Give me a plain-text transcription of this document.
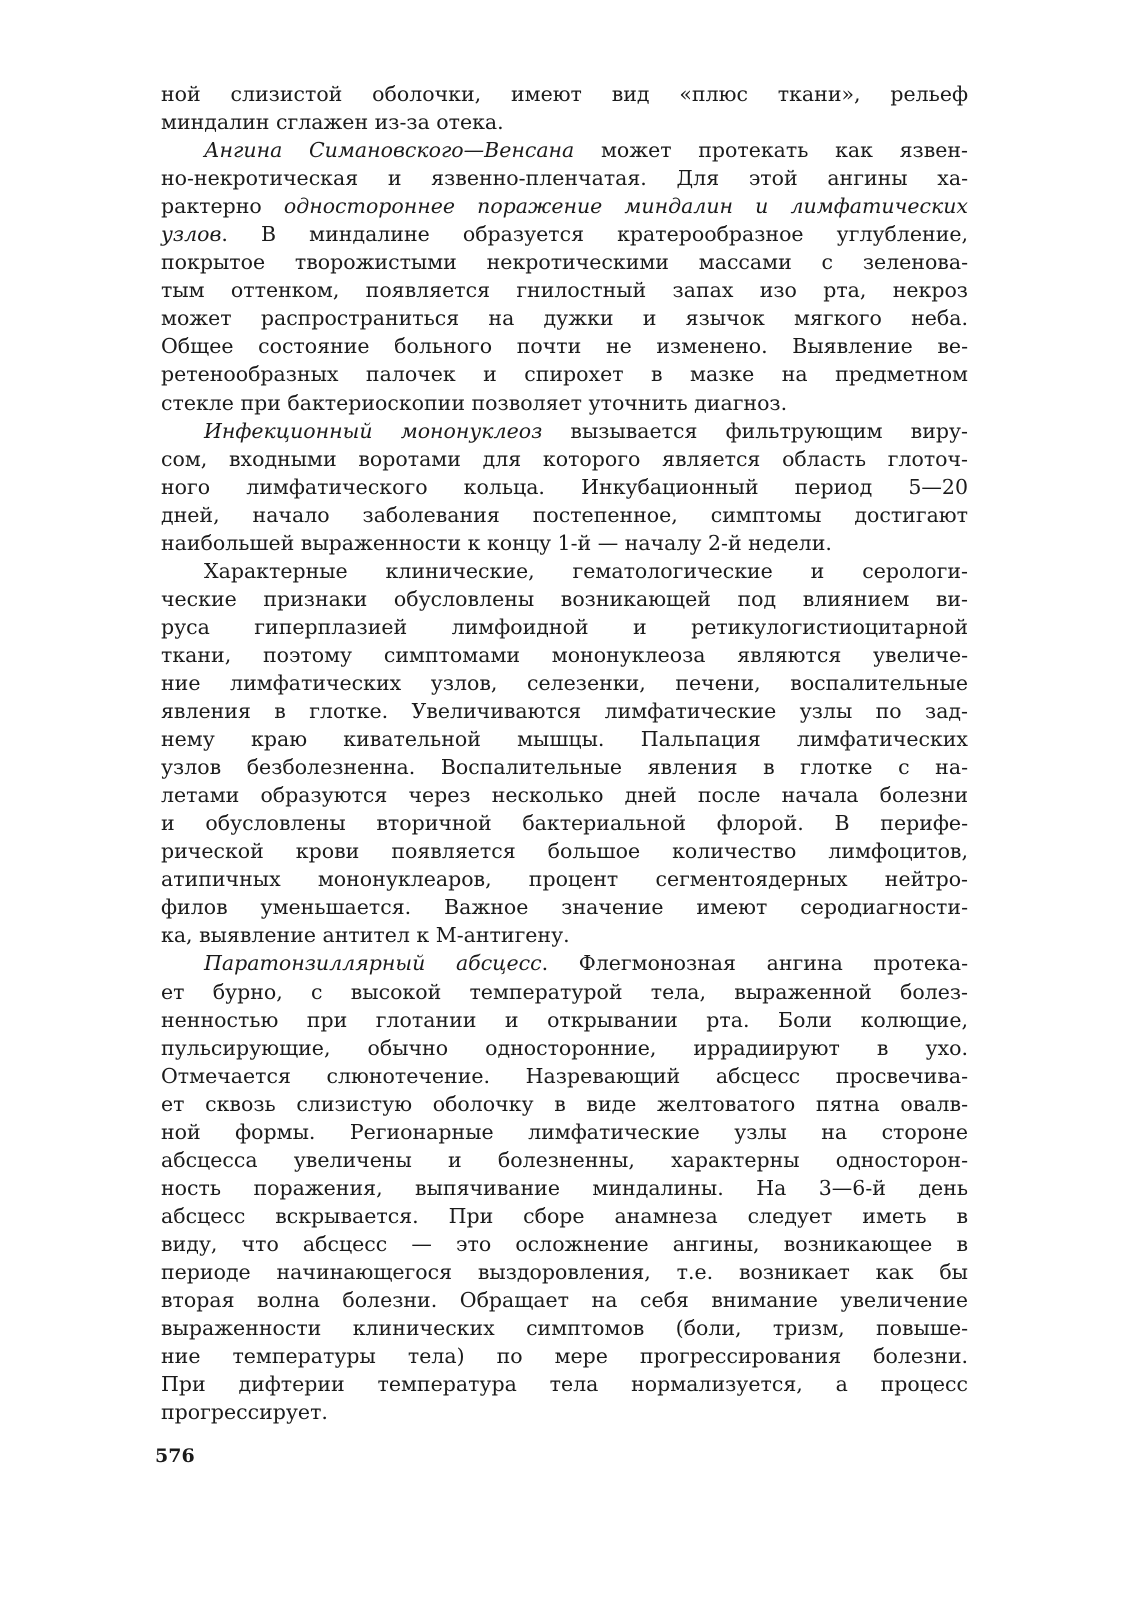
ной слизистой оболочки, имеют вид «плюс ткани», рельеф
миндалин сглажен из-за отека.
Ангина Симановского—Венсана может протекать как язвен-
но-некротическая и язвенно-пленчатая. Для этой ангины ха-
рактерно одностороннее поражение миндалин и лимфатических
узлов. В миндалине образуется кратерообразное углубление,
покрытое творожистыми некротическими массами с зеленова-
тым оттенком, появляется гнилостный запах изо рта, некроз
может распространиться на дужки и язычок мягкого неба.
Общее состояние больного почти не изменено. Выявление ве-
ретенообразных палочек и спирохет в мазке на предметном
стекле при бактериоскопии позволяет уточнить диагноз.
Инфекционный мононуклеоз вызывается фильтрующим виру-
сом, входными воротами для которого является область глоточ-
ного лимфатического кольца. Инкубационный период 5—20
дней, начало заболевания постепенное, симптомы достигают
наибольшей выраженности к концу 1-й — началу 2-й недели.
Характерные клинические, гематологические и серологи-
ческие признаки обусловлены возникающей под влиянием ви-
руса гиперплазией лимфоидной и ретикулогистиоцитарной
ткани, поэтому симптомами мононуклеоза являются увеличе-
ние лимфатических узлов, селезенки, печени, воспалительные
явления в глотке. Увеличиваются лимфатические узлы по зад-
нему краю кивательной мышцы. Пальпация лимфатических
узлов безболезненна. Воспалительные явления в глотке с на-
летами образуются через несколько дней после начала болезни
и обусловлены вторичной бактериальной флорой. В перифе-
рической крови появляется большое количество лимфоцитов,
атипичных мононуклеаров, процент сегментоядерных нейтро-
филов уменьшается. Важное значение имеют серодиагности-
ка, выявление антител к М-антигену.
Паратонзиллярный абсцесс. Флегмонозная ангина протека-
ет бурно, с высокой температурой тела, выраженной болез-
ненностью при глотании и открывании рта. Боли колющие,
пульсирующие, обычно односторонние, иррадиируют в ухо.
Отмечается слюнотечение. Назревающий абсцесс просвечива-
ет сквозь слизистую оболочку в виде желтоватого пятна овалв-
ной формы. Регионарные лимфатические узлы на стороне
абсцесса увеличены и болезненны, характерны односторон-
ность поражения, выпячивание миндалины. На 3—6-й день
абсцесс вскрывается. При сборе анамнеза следует иметь в
виду, что абсцесс — это осложнение ангины, возникающее в
периоде начинающегося выздоровления, т.е. возникает как бы
вторая волна болезни. Обращает на себя внимание увеличение
выраженности клинических симптомов (боли, тризм, повыше-
ние температуры тела) по мере прогрессирования болезни.
При дифтерии температура тела нормализуется, а процесс
прогрессирует.
576
